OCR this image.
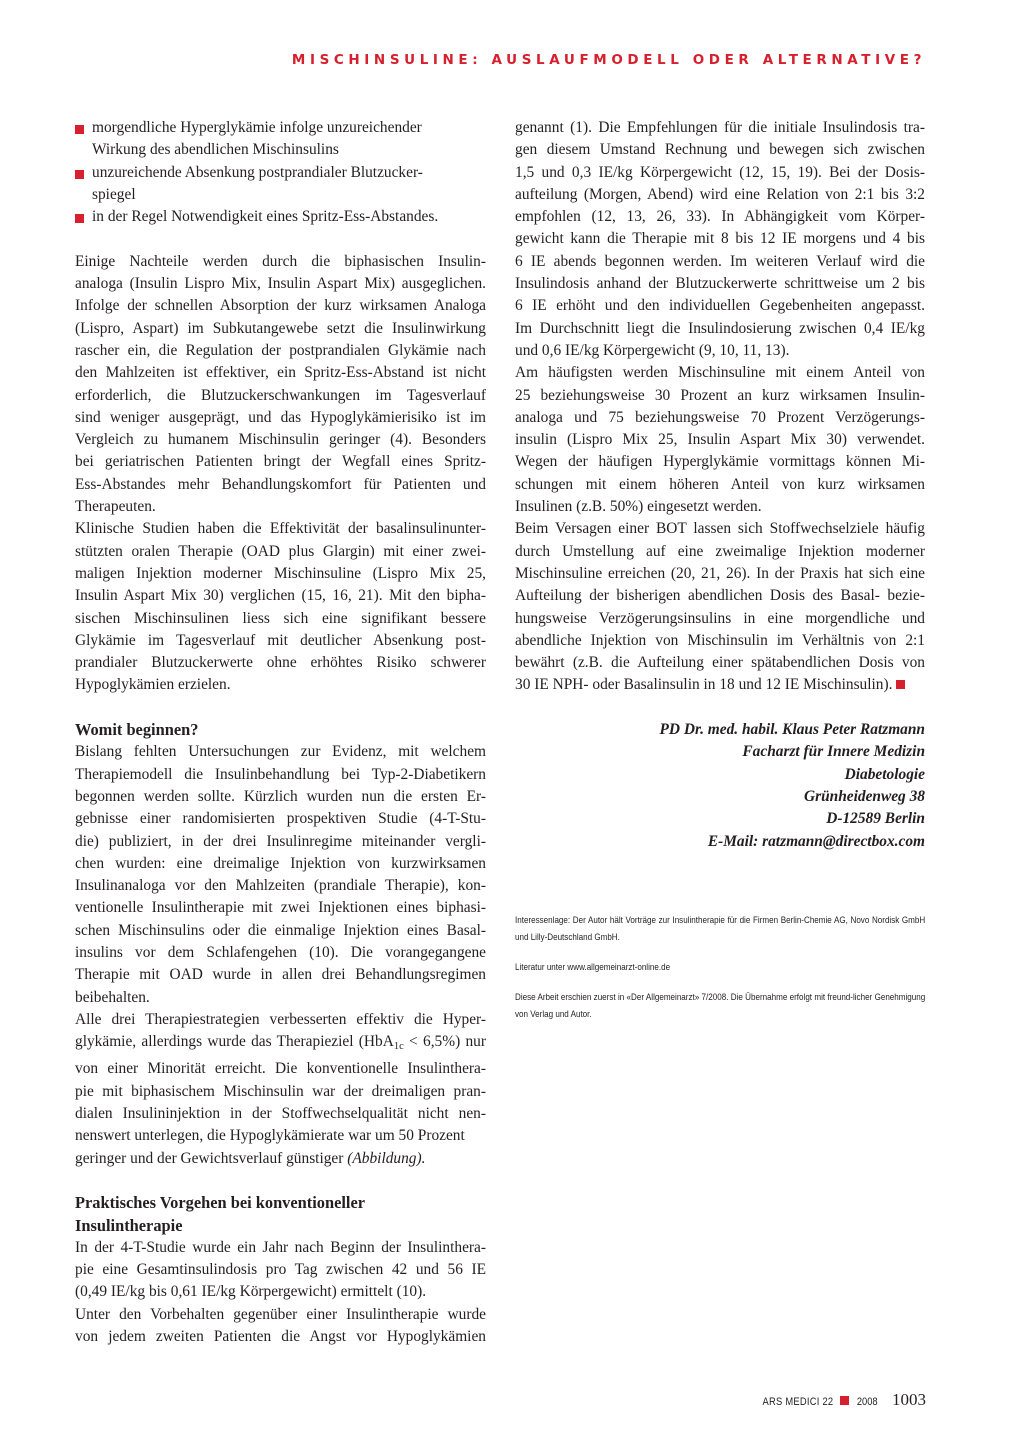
MISCHINSULINE: AUSLAUFMODELL ODER ALTERNATIVE?
morgendliche Hyperglykämie infolge unzureichender
Wirkung des abendlichen Mischinsulins
unzureichende Absenkung postprandialer Blutzucker-
spiegel
in der Regel Notwendigkeit eines Spritz-Ess-Abstandes.
Einige Nachteile werden durch die biphasischen Insulin-
analoga (Insulin Lispro Mix, Insulin Aspart Mix) ausgeglichen.
Infolge der schnellen Absorption der kurz wirksamen Analoga
(Lispro, Aspart) im Subkutangewebe setzt die Insulinwirkung
rascher ein, die Regulation der postprandialen Glykämie nach
den Mahlzeiten ist effektiver, ein Spritz-Ess-Abstand ist nicht
erforderlich, die Blutzuckerschwankungen im Tagesverlauf
sind weniger ausgeprägt, und das Hypoglykämierisiko ist im
Vergleich zu humanem Mischinsulin geringer (4). Besonders
bei geriatrischen Patienten bringt der Wegfall eines Spritz-
Ess-Abstandes mehr Behandlungskomfort für Patienten und
Therapeuten.
Klinische Studien haben die Effektivität der basalinsulinunter-
stützten oralen Therapie (OAD plus Glargin) mit einer zwei-
maligen Injektion moderner Mischinsuline (Lispro Mix 25,
Insulin Aspart Mix 30) verglichen (15, 16, 21). Mit den bipha-
sischen Mischinsulinen liess sich eine signifikant bessere
Glykämie im Tagesverlauf mit deutlicher Absenkung post-
prandialer Blutzuckerwerte ohne erhöhtes Risiko schwerer
Hypoglykämien erzielen.
Womit beginnen?
Bislang fehlten Untersuchungen zur Evidenz, mit welchem
Therapiemodell die Insulinbehandlung bei Typ-2-Diabetikern
begonnen werden sollte. Kürzlich wurden nun die ersten Er-
gebnisse einer randomisierten prospektiven Studie (4-T-Stu-
die) publiziert, in der drei Insulinregime miteinander vergli-
chen wurden: eine dreimalige Injektion von kurzwirksamen
Insulinanaloga vor den Mahlzeiten (prandiale Therapie), kon-
ventionelle Insulintherapie mit zwei Injektionen eines biphasi-
schen Mischinsulins oder die einmalige Injektion eines Basal-
insulins vor dem Schlafengehen (10). Die vorangegangene
Therapie mit OAD wurde in allen drei Behandlungsregimen
beibehalten.
Alle drei Therapiestrategien verbesserten effektiv die Hyper-
glykämie, allerdings wurde das Therapieziel (HbA$_{1c}$ < 6,5%) nur
von einer Minorität erreicht. Die konventionelle Insulinthera-
pie mit biphasischem Mischinsulin war der dreimaligen pran-
dialen Insulininjektion in der Stoffwechselqualität nicht nen-
nenswert unterlegen, die Hypoglykämierate war um 50 Prozent
geringer und der Gewichtsverlauf günstiger (Abbildung).
Praktisches Vorgehen bei konventioneller
Insulintherapie
In der 4-T-Studie wurde ein Jahr nach Beginn der Insulinthera-
pie eine Gesamtinsulindosis pro Tag zwischen 42 und 56 IE
(0,49 IE/kg bis 0,61 IE/kg Körpergewicht) ermittelt (10).
Unter den Vorbehalten gegenüber einer Insulintherapie wurde
von jedem zweiten Patienten die Angst vor Hypoglykämien
genannt (1). Die Empfehlungen für die initiale Insulindosis tra-
gen diesem Umstand Rechnung und bewegen sich zwischen
1,5 und 0,3 IE/kg Körpergewicht (12, 15, 19). Bei der Dosis-
aufteilung (Morgen, Abend) wird eine Relation von 2:1 bis 3:2
empfohlen (12, 13, 26, 33). In Abhängigkeit vom Körper-
gewicht kann die Therapie mit 8 bis 12 IE morgens und 4 bis
6 IE abends begonnen werden. Im weiteren Verlauf wird die
Insulindosis anhand der Blutzuckerwerte schrittweise um 2 bis
6 IE erhöht und den individuellen Gegebenheiten angepasst.
Im Durchschnitt liegt die Insulindosierung zwischen 0,4 IE/kg
und 0,6 IE/kg Körpergewicht (9, 10, 11, 13).
Am häufigsten werden Mischinsuline mit einem Anteil von
25 beziehungsweise 30 Prozent an kurz wirksamen Insulin-
analoga und 75 beziehungsweise 70 Prozent Verzögerungs-
insulin (Lispro Mix 25, Insulin Aspart Mix 30) verwendet.
Wegen der häufigen Hyperglykämie vormittags können Mi-
schungen mit einem höheren Anteil von kurz wirksamen
Insulinen (z.B. 50%) eingesetzt werden.
Beim Versagen einer BOT lassen sich Stoffwechselziele häufig
durch Umstellung auf eine zweimalige Injektion moderner
Mischinsuline erreichen (20, 21, 26). In der Praxis hat sich eine
Aufteilung der bisherigen abendlichen Dosis des Basal- bezie-
hungsweise Verzögerungsinsulins in eine morgendliche und
abendliche Injektion von Mischinsulin im Verhältnis von 2:1
bewährt (z.B. die Aufteilung einer spätabendlichen Dosis von
30 IE NPH- oder Basalinsulin in 18 und 12 IE Mischinsulin).

PD Dr. med. habil. Klaus Peter Ratzmann

Facharzt für Innere Medizin

Diabetologie

Grünheidenweg 38

D-12589 Berlin

E-Mail: ratzmann@directbox.com

Interessenlage: Der Autor hält Vorträge zur Insulintherapie für die Firmen Berlin-Chemie AG, Novo Nordisk GmbH und Lilly-Deutschland GmbH.

Literatur unter www.allgemeinarzt-online.de

Diese Arbeit erschien zuerst in «Der Allgemeinarzt» 7/2008. Die Übernahme erfolgt mit freund-licher Genehmigung von Verlag und Autor.

ARS MEDICI 22 2008 1003
